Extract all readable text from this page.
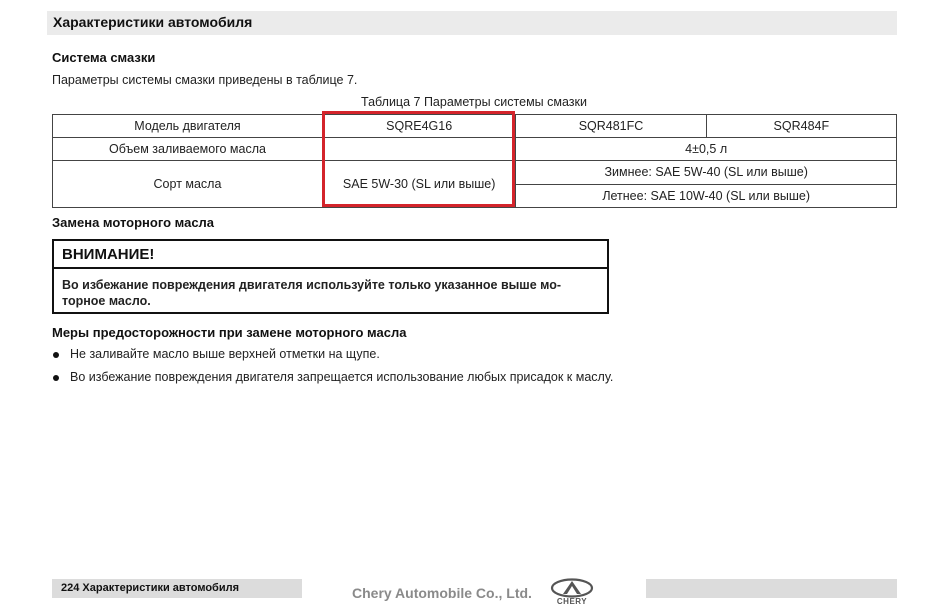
Характеристики автомобиля
Система смазки
Параметры системы смазки приведены в таблице 7.
Таблица 7 Параметры системы смазки
Модель двигателя	SQRE4G16	SQR481FC	SQR484F
Объем заливаемого масла		4±0,5 л	
Сорт масла	SAE 5W-30 (SL или выше)	Зимнее: SAE 5W-40 (SL или выше)	
		Летнее: SAE 10W-40 (SL или выше)	
Замена моторного масла
ВНИМАНИЕ!
Во избежание повреждения двигателя используйте только указанное выше мо-
торное масло.
Меры предосторожности при замене моторного масла
Не заливайте масло выше верхней отметки на щупе.
Во избежание повреждения двигателя запрещается использование любых присадок к маслу.
224 Характеристики автомобиля	Chery Automobile Co., Ltd.
CHERY
